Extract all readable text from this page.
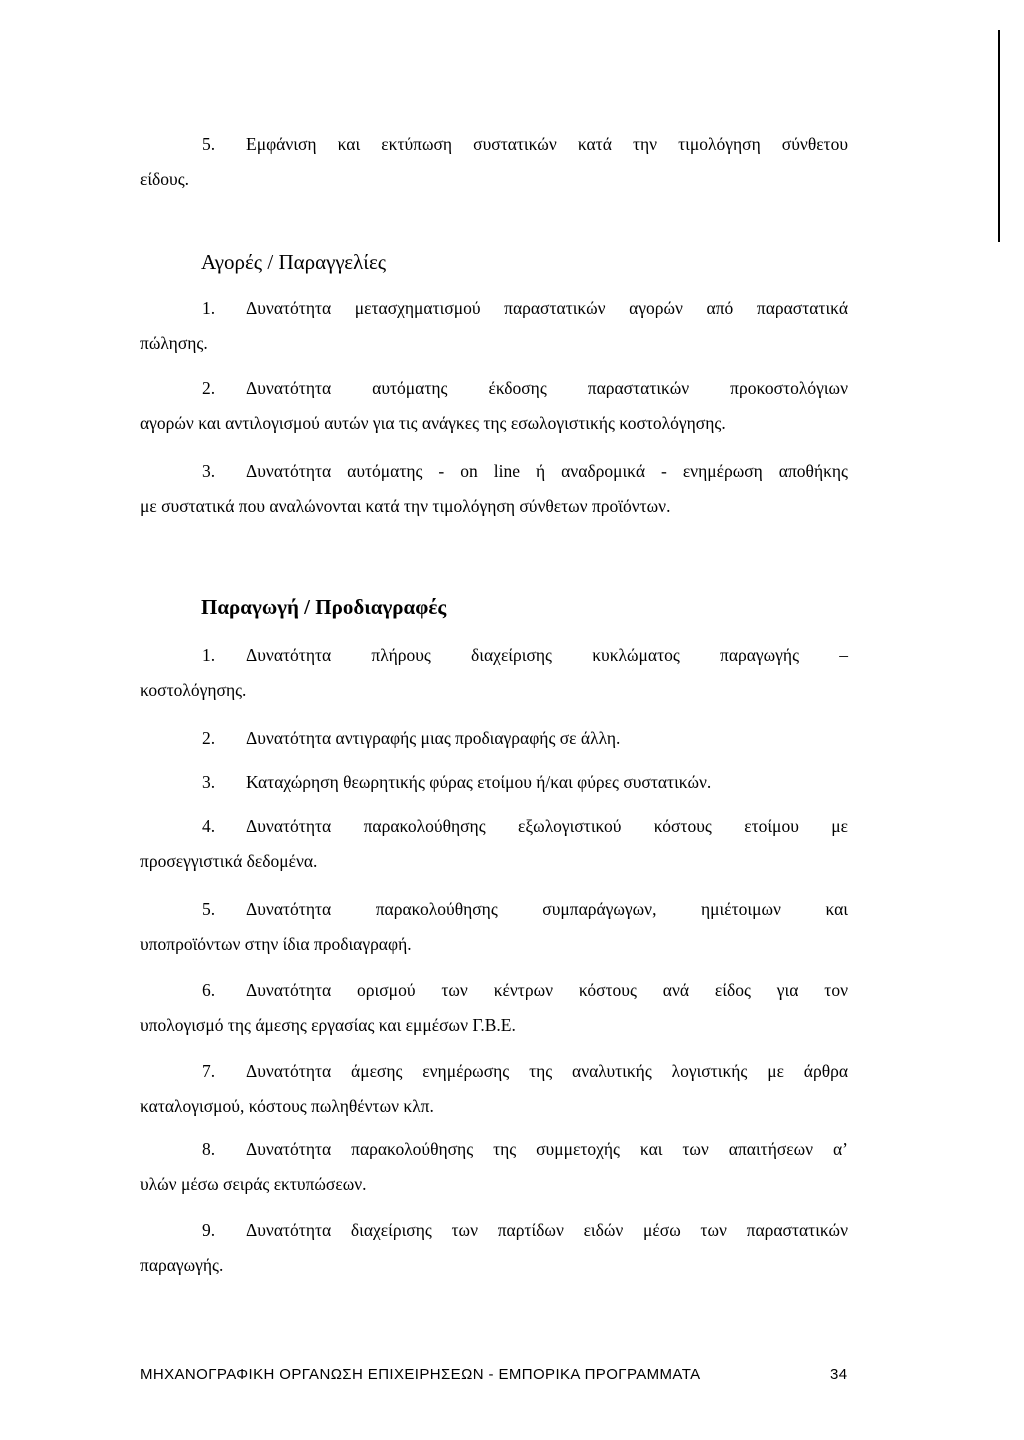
5. Εμφάνιση και εκτύπωση συστατικών κατά την τιμολόγηση σύνθετου
είδους.
Αγορές / Παραγγελίες
1. Δυνατότητα μετασχηματισμού παραστατικών αγορών από παραστατικά
πώλησης.
2. Δυνατότητα αυτόματης έκδοσης παραστατικών προκοστολόγιων
αγορών και αντιλογισμού αυτών για τις ανάγκες της εσωλογιστικής κοστολόγησης.
3. Δυνατότητα αυτόματης - on line ή αναδρομικά - ενημέρωση αποθήκης
με συστατικά που αναλώνονται κατά την τιμολόγηση σύνθετων προϊόντων.
Παραγωγή / Προδιαγραφές
1. Δυνατότητα πλήρους διαχείρισης κυκλώματος παραγωγής –
κοστολόγησης.
2. Δυνατότητα αντιγραφής μιας προδιαγραφής σε άλλη.
3. Καταχώρηση θεωρητικής φύρας ετοίμου ή/και φύρες συστατικών.
4. Δυνατότητα παρακολούθησης εξωλογιστικού κόστους ετοίμου με
προσεγγιστικά δεδομένα.
5. Δυνατότητα παρακολούθησης συμπαράγωγων, ημιέτοιμων και
υποπροϊόντων στην ίδια προδιαγραφή.
6. Δυνατότητα ορισμού των κέντρων κόστους ανά είδος για τον
υπολογισμό της άμεσης εργασίας και εμμέσων Γ.Β.Ε.
7. Δυνατότητα άμεσης ενημέρωσης της αναλυτικής λογιστικής με άρθρα
καταλογισμού, κόστους πωληθέντων κλπ.
8. Δυνατότητα παρακολούθησης της συμμετοχής και των απαιτήσεων α’
υλών μέσω σειράς εκτυπώσεων.
9. Δυνατότητα διαχείρισης των παρτίδων ειδών μέσω των παραστατικών
παραγωγής.
ΜΗΧΑΝΟΓΡΑΦΙΚΗ ΟΡΓΑΝΩΣΗ ΕΠΙΧΕΙΡΗΣΕΩΝ - ΕΜΠΟΡΙΚΑ ΠΡΟΓΡΑΜΜΑΤΑ	34
